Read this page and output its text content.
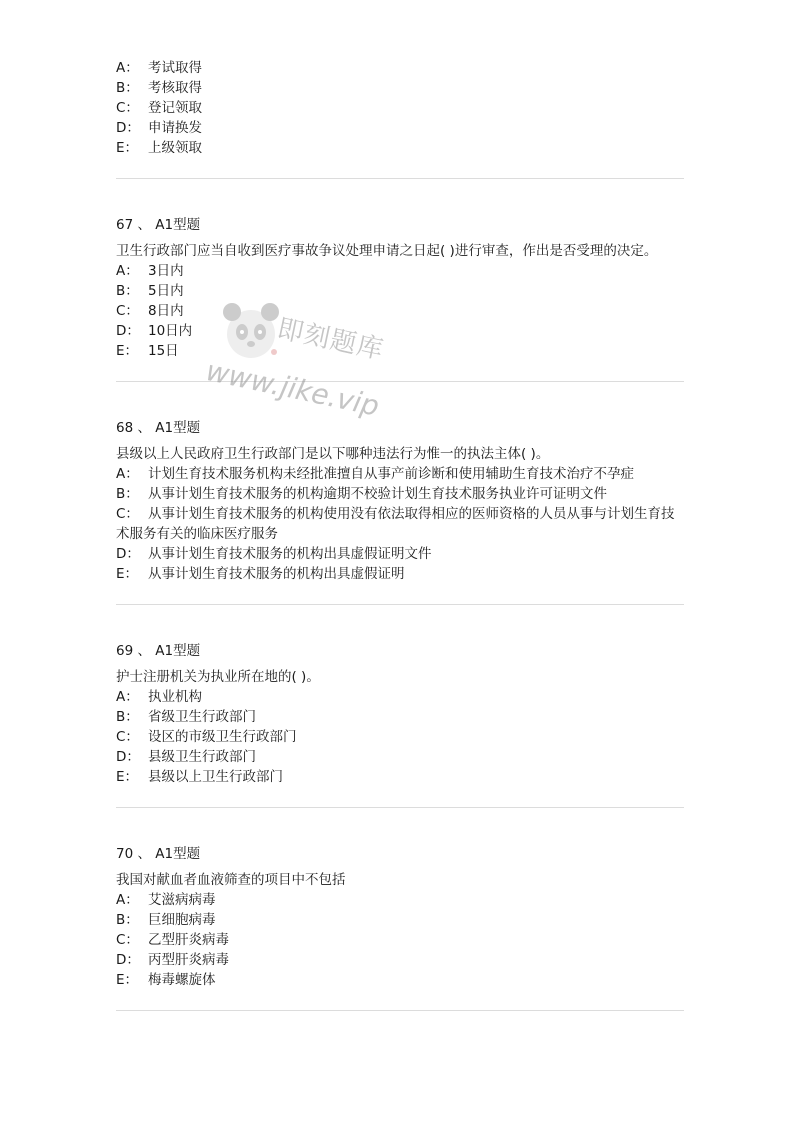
A： 考试取得
B： 考核取得
C： 登记领取
D： 申请换发
E： 上级领取
67 、 A1型题
卫生行政部门应当自收到医疗事故争议处理申请之日起( )进行审查，作出是否受理的决定。
A： 3日内
B： 5日内
C： 8日内
D： 10日内
E： 15日
68 、 A1型题
县级以上人民政府卫生行政部门是以下哪种违法行为惟一的执法主体( )。
A： 计划生育技术服务机构未经批准擅自从事产前诊断和使用辅助生育技术治疗不孕症
B： 从事计划生育技术服务的机构逾期不校验计划生育技术服务执业许可证明文件
C： 从事计划生育技术服务的机构使用没有依法取得相应的医师资格的人员从事与计划生育技术服务有关的临床医疗服务
D： 从事计划生育技术服务的机构出具虚假证明文件
E： 从事计划生育技术服务的机构出具虚假证明
69 、 A1型题
护士注册机关为执业所在地的( )。
A： 执业机构
B： 省级卫生行政部门
C： 设区的市级卫生行政部门
D： 县级卫生行政部门
E： 县级以上卫生行政部门
70 、 A1型题
我国对献血者血液筛查的项目中不包括
A： 艾滋病病毒
B： 巨细胞病毒
C： 乙型肝炎病毒
D： 丙型肝炎病毒
E： 梅毒螺旋体
即刻题库
www.jike.vip
